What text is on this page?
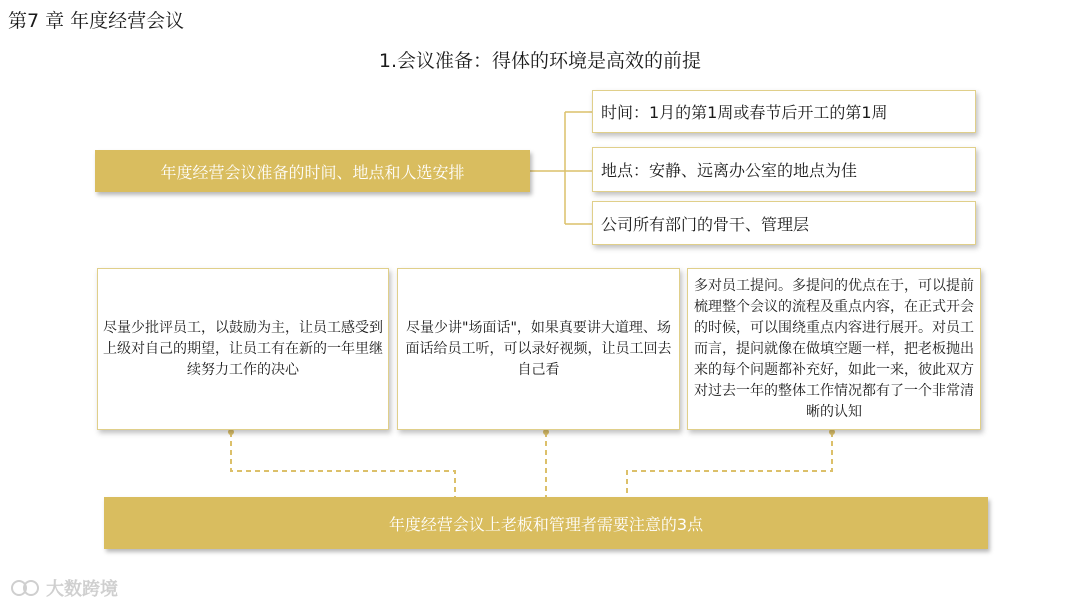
第7 章 年度经营会议
1.会议准备：得体的环境是高效的前提
年度经营会议准备的时间、地点和人选安排
时间：1月的第1周或春节后开工的第1周
地点：安静、远离办公室的地点为佳
公司所有部门的骨干、管理层
尽量少批评员工，以鼓励为主，让员工感受到上级对自己的期望，让员工有在新的一年里继续努力工作的决心
尽量少讲"场面话"，如果真要讲大道理、场面话给员工听，可以录好视频，让员工回去自己看
多对员工提问。多提问的优点在于，可以提前梳理整个会议的流程及重点内容，在正式开会的时候，可以围绕重点内容进行展开。对员工而言，提问就像在做填空题一样，把老板抛出来的每个问题都补充好，如此一来，彼此双方对过去一年的整体工作情况都有了一个非常清晰的认知
年度经营会议上老板和管理者需要注意的3点
大数跨境
